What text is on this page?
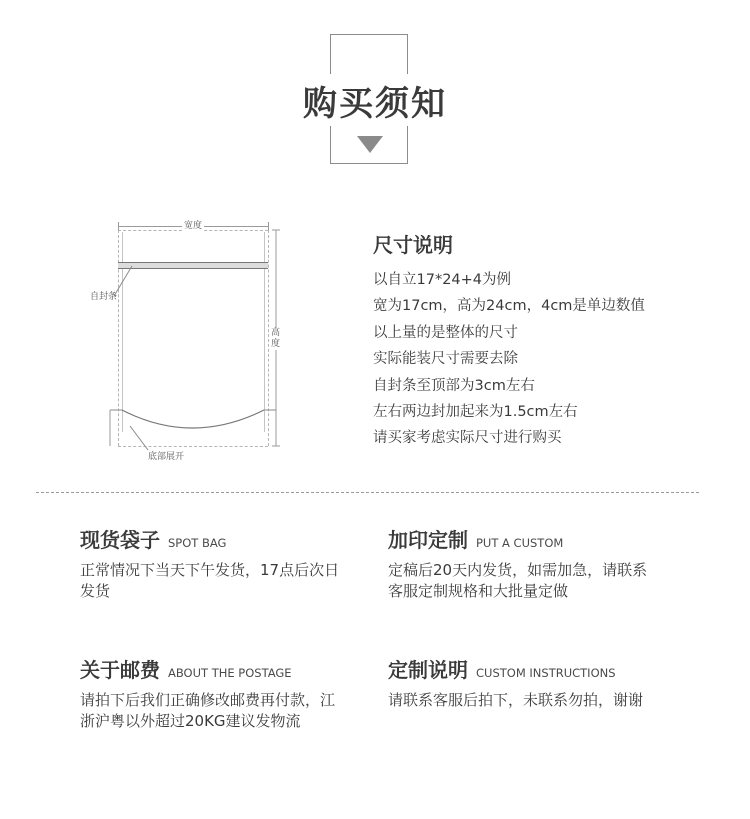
购买须知
宽度
自封条
高度
底部展开
尺寸说明
以自立17*24+4为例
宽为17cm，高为24cm，4cm是单边数值
以上量的是整体的尺寸
实际能装尺寸需要去除
自封条至顶部为3cm左右
左右两边封加起来为1.5cm左右
请买家考虑实际尺寸进行购买
现货袋子 SPOT BAG
正常情况下当天下午发货，17点后次日发货
加印定制 PUT A CUSTOM
定稿后20天内发货，如需加急，请联系客服定制规格和大批量定做
关于邮费 ABOUT THE POSTAGE
请拍下后我们正确修改邮费再付款，江浙沪粤以外超过20KG建议发物流
定制说明 CUSTOM INSTRUCTIONS
请联系客服后拍下，未联系勿拍，谢谢
